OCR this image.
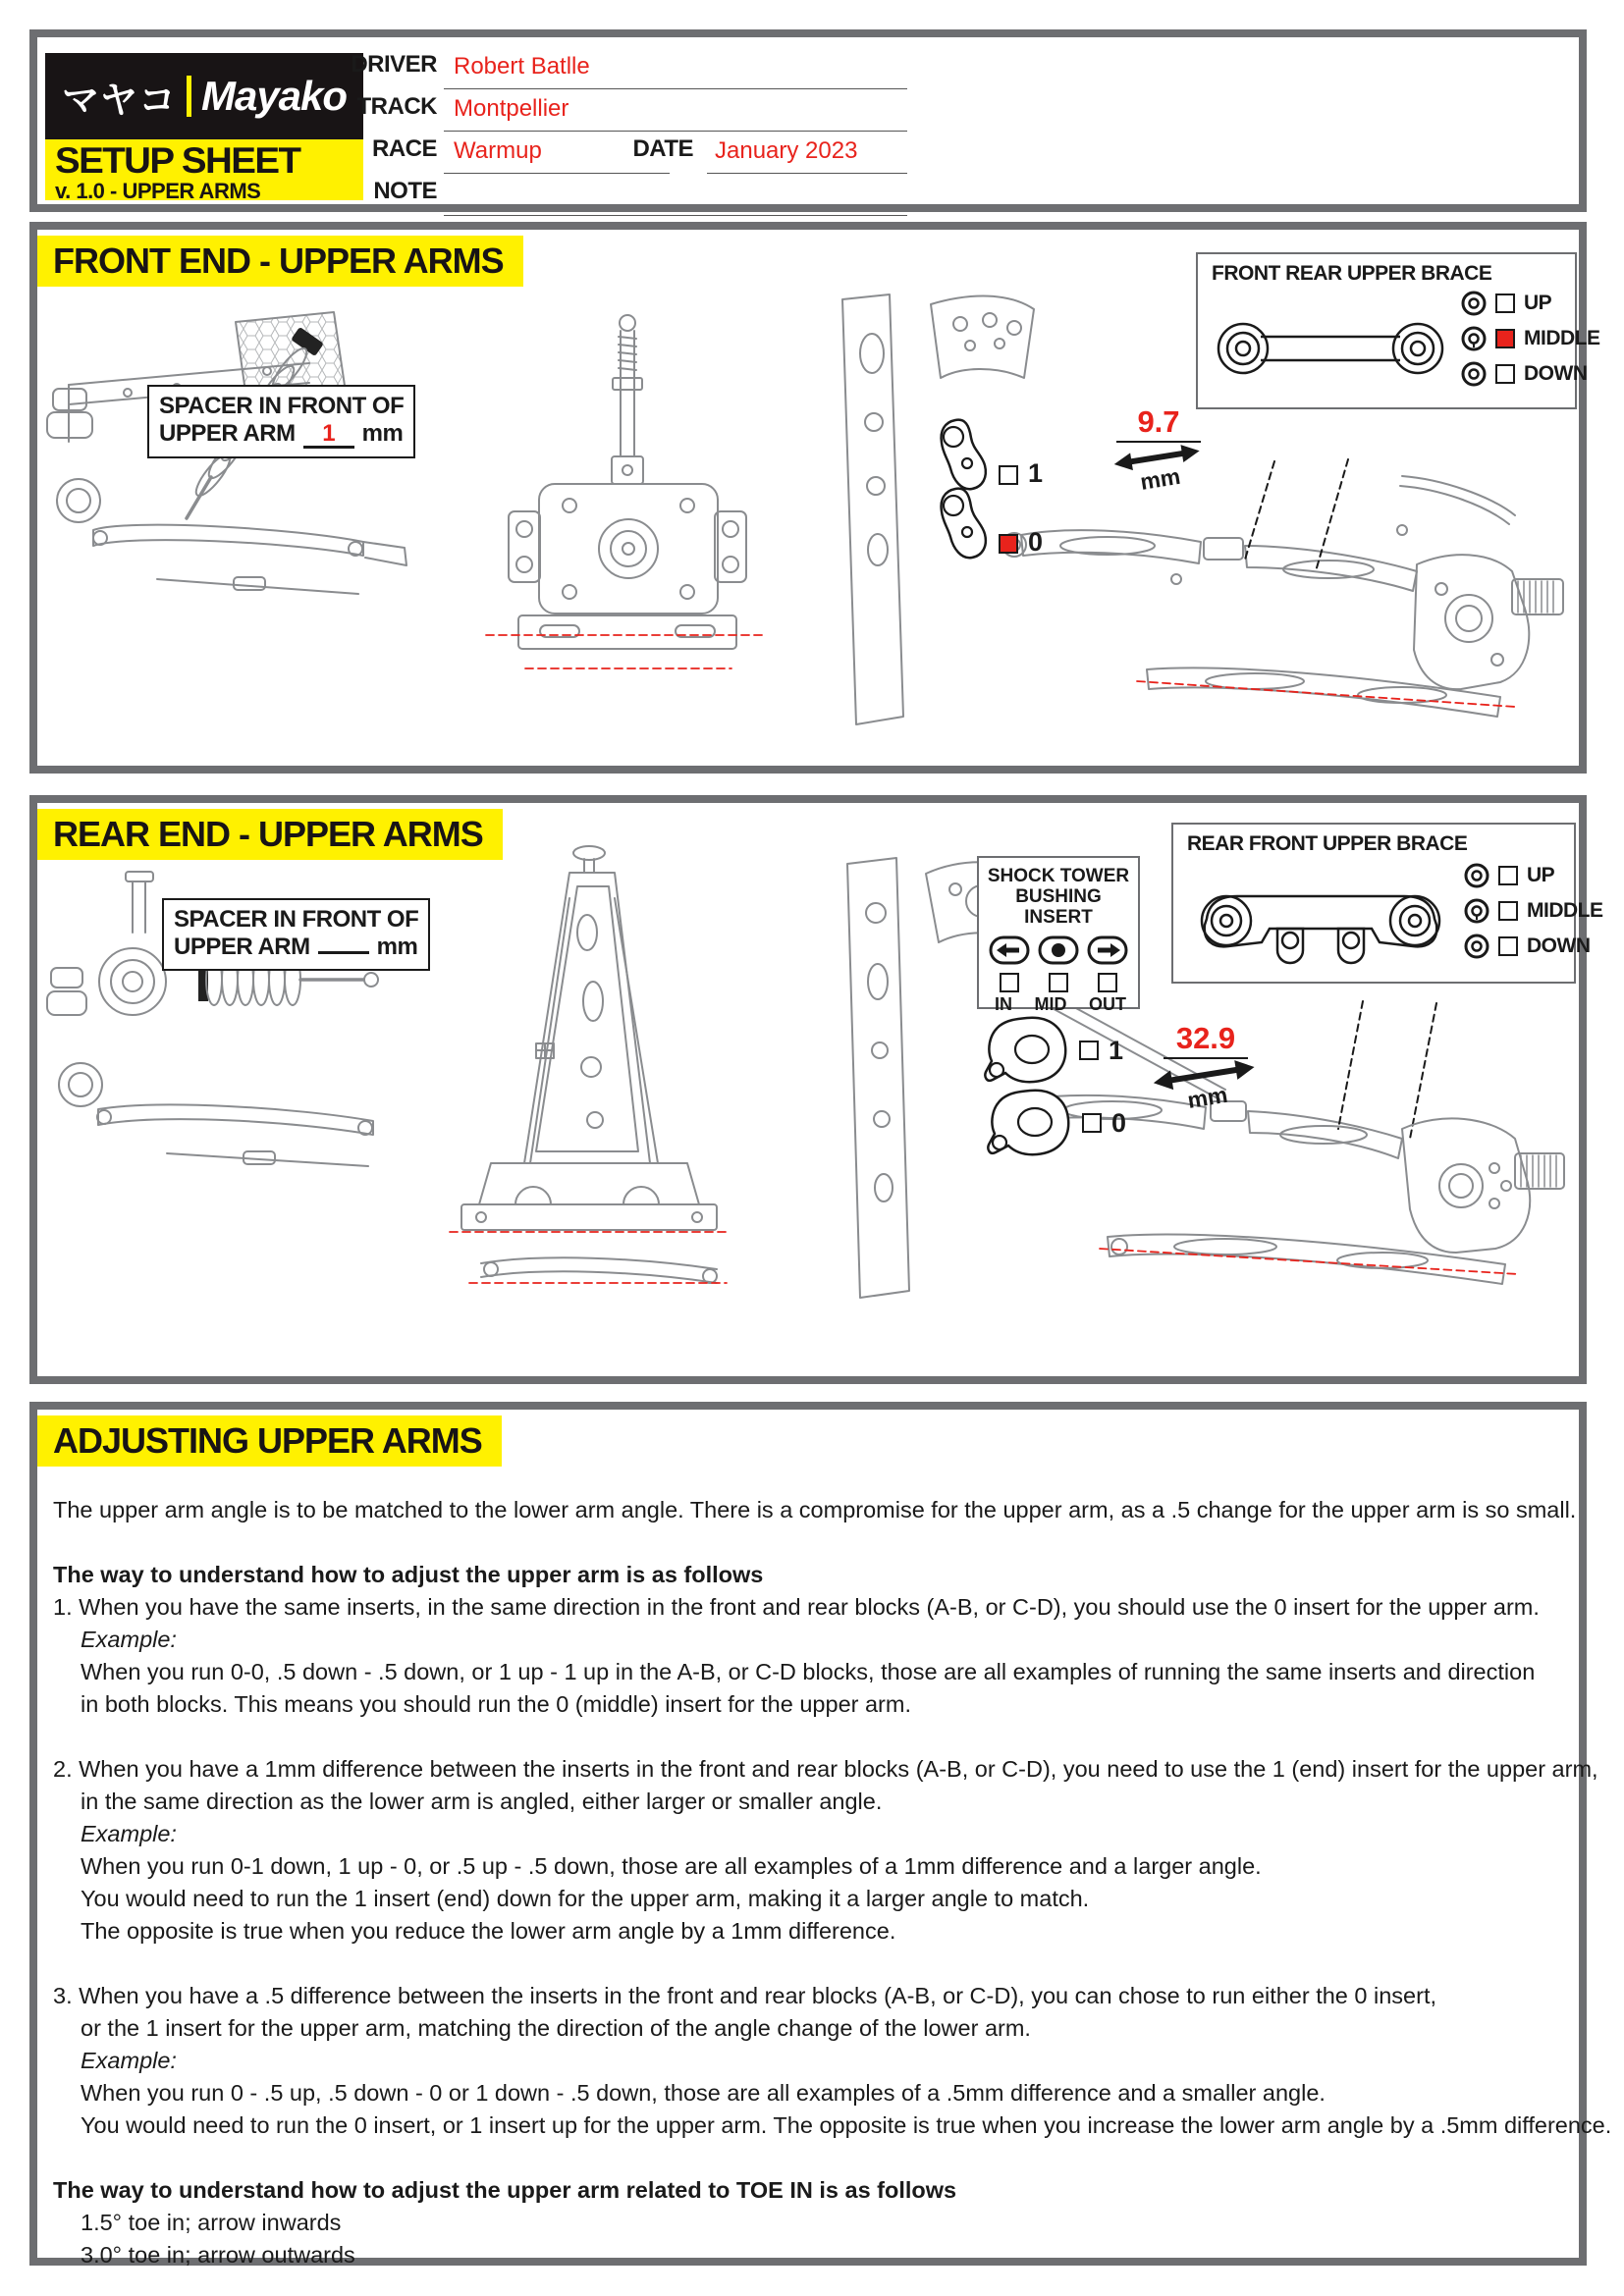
マヤコ Mayako
SETUP SHEET
v. 1.0 - UPPER ARMS
DRIVER Robert Batlle
TRACK Montpellier
RACE Warmup	DATE January 2023
NOTE
FRONT END - UPPER ARMS
SPACER IN FRONT OF
UPPER ARM 1 mm
1
0
9.7
mm
FRONT REAR UPPER BRACE
UP
MIDDLE
DOWN
REAR END - UPPER ARMS
SPACER IN FRONT OF
UPPER ARM	mm
SHOCK TOWER
BUSHING INSERT
IN MID OUT
REAR FRONT UPPER BRACE
UP
MIDDLE
DOWN
1
0
32.9
mm
ADJUSTING UPPER ARMS
The upper arm angle is to be matched to the lower arm angle. There is a compromise for the upper arm, as a .5 change for the upper arm is so small.
The way to understand how to adjust the upper arm is as follows
1. When you have the same inserts, in the same direction in the front and rear blocks (A-B, or C-D), you should use the 0 insert for the upper arm.
Example:
When you run 0-0, .5 down - .5 down, or 1 up - 1 up in the A-B, or C-D blocks, those are all examples of running the same inserts and direction
in both blocks. This means you should run the 0 (middle) insert for the upper arm.
2. When you have a 1mm difference between the inserts in the front and rear blocks (A-B, or C-D), you need to use the 1 (end) insert for the upper arm,
in the same direction as the lower arm is angled, either larger or smaller angle.
Example:
When you run 0-1 down, 1 up - 0, or .5 up - .5 down, those are all examples of a 1mm difference and a larger angle.
You would need to run the 1 insert (end) down for the upper arm, making it a larger angle to match.
The opposite is true when you reduce the lower arm angle by a 1mm difference.
3. When you have a .5 difference between the inserts in the front and rear blocks (A-B, or C-D), you can chose to run either the 0 insert,
or the 1 insert for the upper arm, matching the direction of the angle change of the lower arm.
Example:
When you run 0 - .5 up, .5 down - 0 or 1 down - .5 down, those are all examples of a .5mm difference and a smaller angle.
You would need to run the 0 insert, or 1 insert up for the upper arm. The opposite is true when you increase the lower arm angle by a .5mm difference.
The way to understand how to adjust the upper arm related to TOE IN is as follows
1.5° toe in; arrow inwards
3.0° toe in; arrow outwards
